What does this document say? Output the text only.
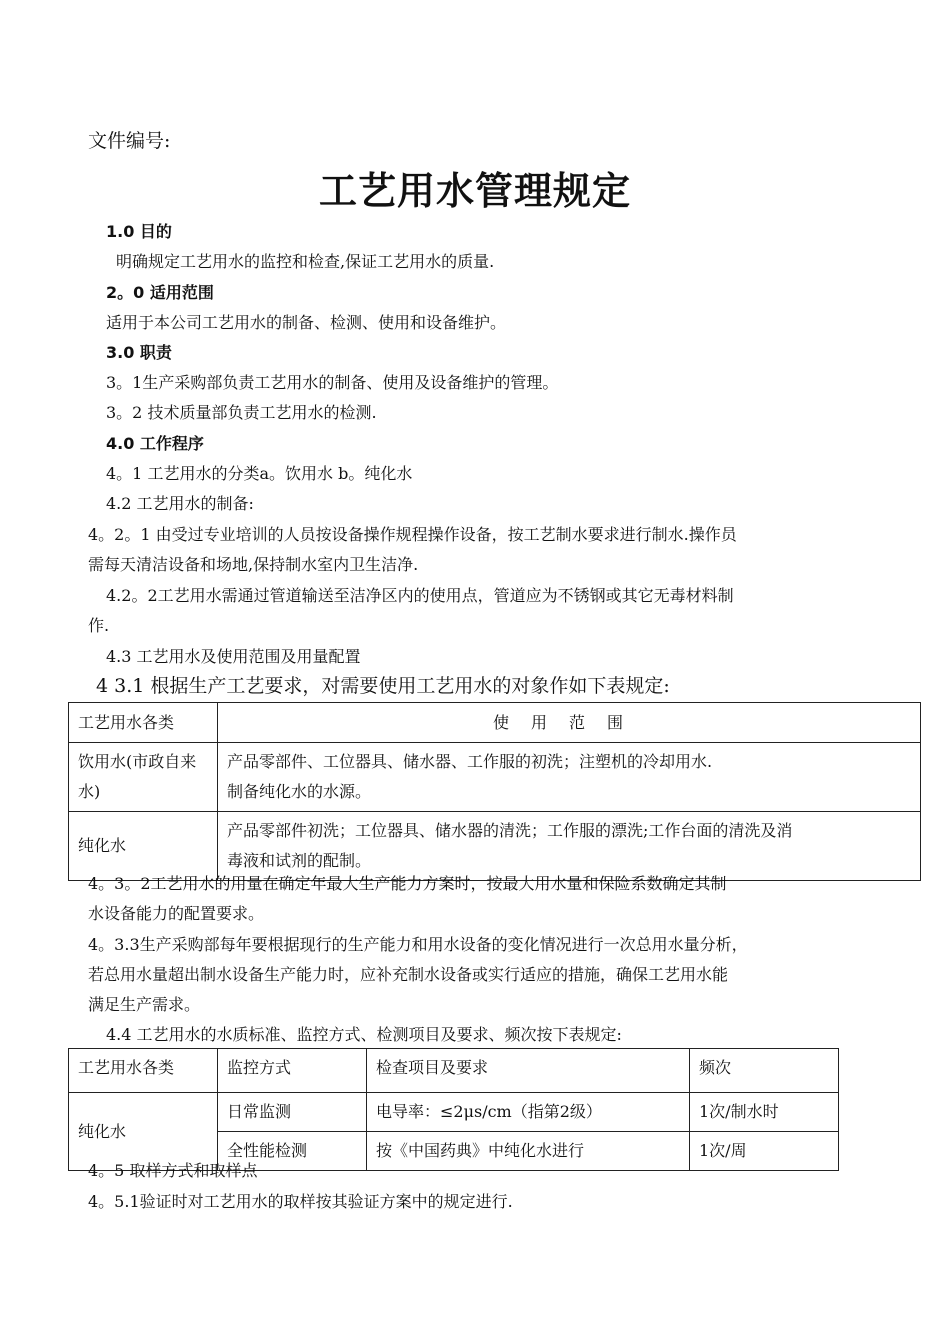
文件编号:
工艺用水管理规定
1.0 目的
明确规定工艺用水的监控和检查,保证工艺用水的质量.
2。0 适用范围
适用于本公司工艺用水的制备、检测、使用和设备维护。
3.0 职责
3。1生产采购部负责工艺用水的制备、使用及设备维护的管理。
3。2 技术质量部负责工艺用水的检测.
4.0 工作程序
4。1 工艺用水的分类a。饮用水 b。纯化水
4.2 工艺用水的制备:
4。2。1 由受过专业培训的人员按设备操作规程操作设备，按工艺制水要求进行制水.操作员
需每天清洁设备和场地,保持制水室内卫生洁净.
4.2。2工艺用水需通过管道输送至洁净区内的使用点，管道应为不锈钢或其它无毒材料制
作.
4.3 工艺用水及使用范围及用量配置
4 3.1 根据生产工艺要求，对需要使用工艺用水的对象作如下表规定:
工艺用水各类	使用范围
饮用水(市政自来水)	产品零部件、工位器具、储水器、工作服的初洗；注塑机的冷却用水.
制备纯化水的水源。

纯化水	产品零部件初洗；工位器具、储水器的清洗；工作服的漂洗;工作台面的清洗及消
毒液和试剂的配制。
4。3。2工艺用水的用量在确定年最大生产能力方案时，按最大用水量和保险系数确定其制
水设备能力的配置要求。
4。3.3生产采购部每年要根据现行的生产能力和用水设备的变化情况进行一次总用水量分析，
若总用水量超出制水设备生产能力时，应补充制水设备或实行适应的措施，确保工艺用水能
满足生产需求。
4.4 工艺用水的水质标准、监控方式、检测项目及要求、频次按下表规定:
工艺用水各类	监控方式	检查项目及要求	频次
纯化水	日常监测	电导率：≤2μs/cm（指第2级）	1次/制水时
	全性能检测	按《中国药典》中纯化水进行	1次/周
4。5 取样方式和取样点
4。5.1验证时对工艺用水的取样按其验证方案中的规定进行.
